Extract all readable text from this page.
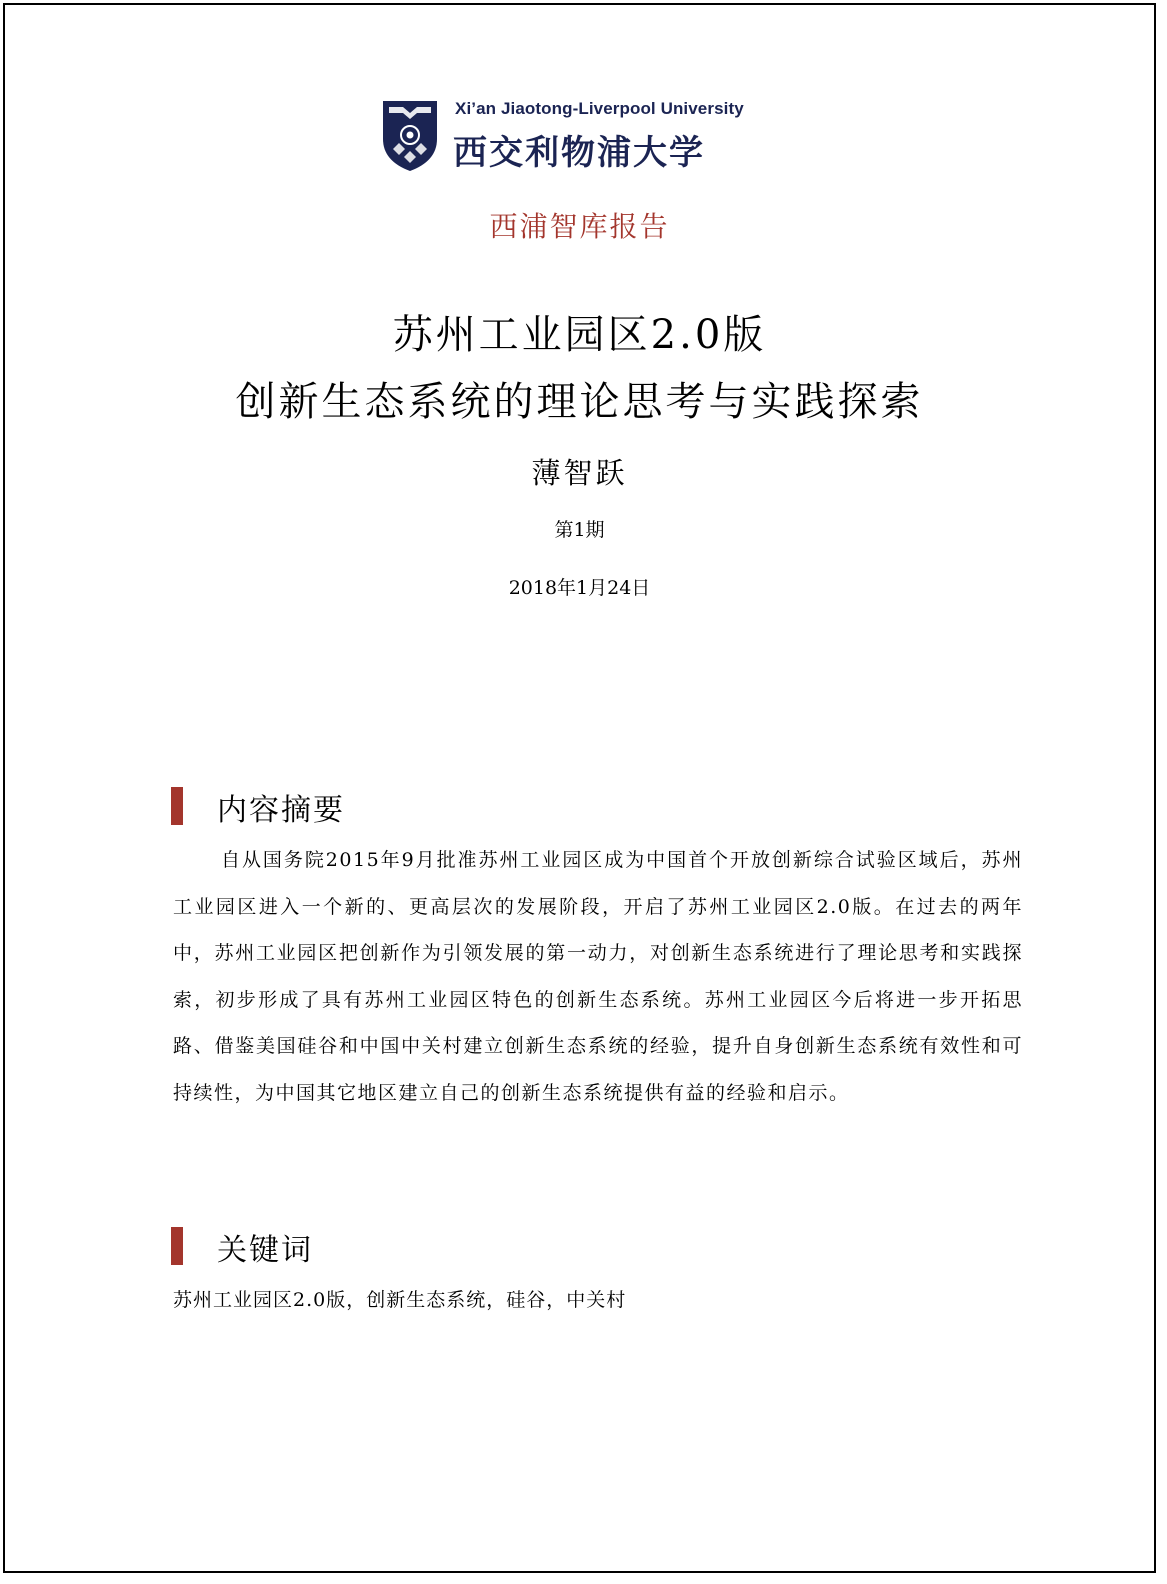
Xi’an Jiaotong-Liverpool University
西交利物浦大学
西浦智库报告
苏州工业园区2.0版
创新生态系统的理论思考与实践探索
薄智跃
第1期
2018年1月24日
内容摘要

自从国务院2015年9月批准苏州工业园区成为中国首个开放创新综合试验区域后，苏州工业园区进入一个新的、更高层次的发展阶段，开启了苏州工业园区2.0版。在过去的两年中，苏州工业园区把创新作为引领发展的第一动力，对创新生态系统进行了理论思考和实践探索，初步形成了具有苏州工业园区特色的创新生态系统。苏州工业园区今后将进一步开拓思路、借鉴美国硅谷和中国中关村建立创新生态系统的经验，提升自身创新生态系统有效性和可持续性，为中国其它地区建立自己的创新生态系统提供有益的经验和启示。

关键词

苏州工业园区2.0版，创新生态系统，硅谷，中关村
